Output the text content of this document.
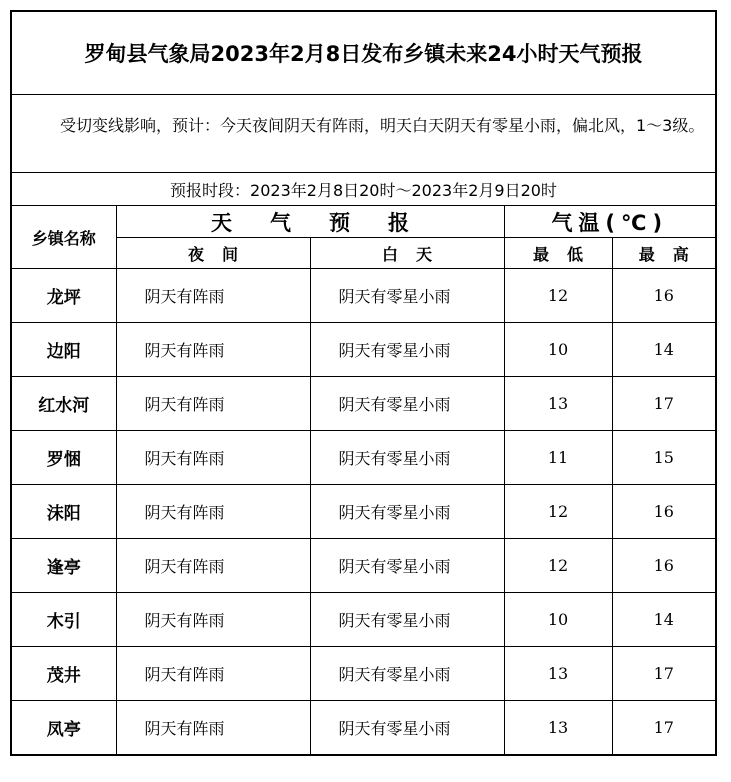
罗甸县气象局2023年2月8日发布乡镇未来24小时天气预报
受切变线影响，预计：今天夜间阴天有阵雨，明天白天阴天有零星小雨，偏北风，1～3级。
预报时段：2023年2月8日20时～2023年2月9日20时
乡镇名称	天气预报		气温(℃)	
	夜间	白天	最低	最高
龙坪	阴天有阵雨	阴天有零星小雨	12	16
边阳	阴天有阵雨	阴天有零星小雨	10	14
红水河	阴天有阵雨	阴天有零星小雨	13	17
罗悃	阴天有阵雨	阴天有零星小雨	11	15
沫阳	阴天有阵雨	阴天有零星小雨	12	16
逢亭	阴天有阵雨	阴天有零星小雨	12	16
木引	阴天有阵雨	阴天有零星小雨	10	14
茂井	阴天有阵雨	阴天有零星小雨	13	17
凤亭	阴天有阵雨	阴天有零星小雨	13	17
